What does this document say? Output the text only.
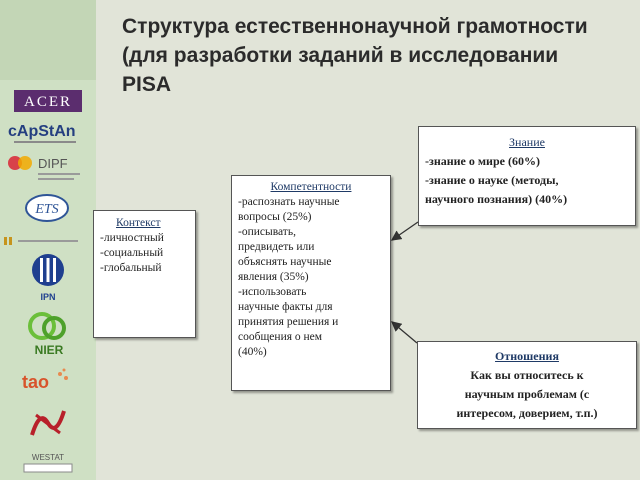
ACER
cApStAn
DIPF
ETS
IPN
NIER
tao
WESTAT
Структура естественнонаучной грамотности (для разработки заданий в исследовании PISA
Контекст
-личностный
-социальный
-глобальный
Компетентности
-распознать научные
вопросы (25%)
-описывать,
предвидеть или
объяснять научные
явления (35%)
-использовать
научные факты для
принятия решения и
сообщения о нем
(40%)
Знание
-знание о мире (60%)
-знание о науке (методы,
научного познания) (40%)
Отношения
Как вы относитесь к
научным проблемам (с
интересом, доверием, т.п.)
